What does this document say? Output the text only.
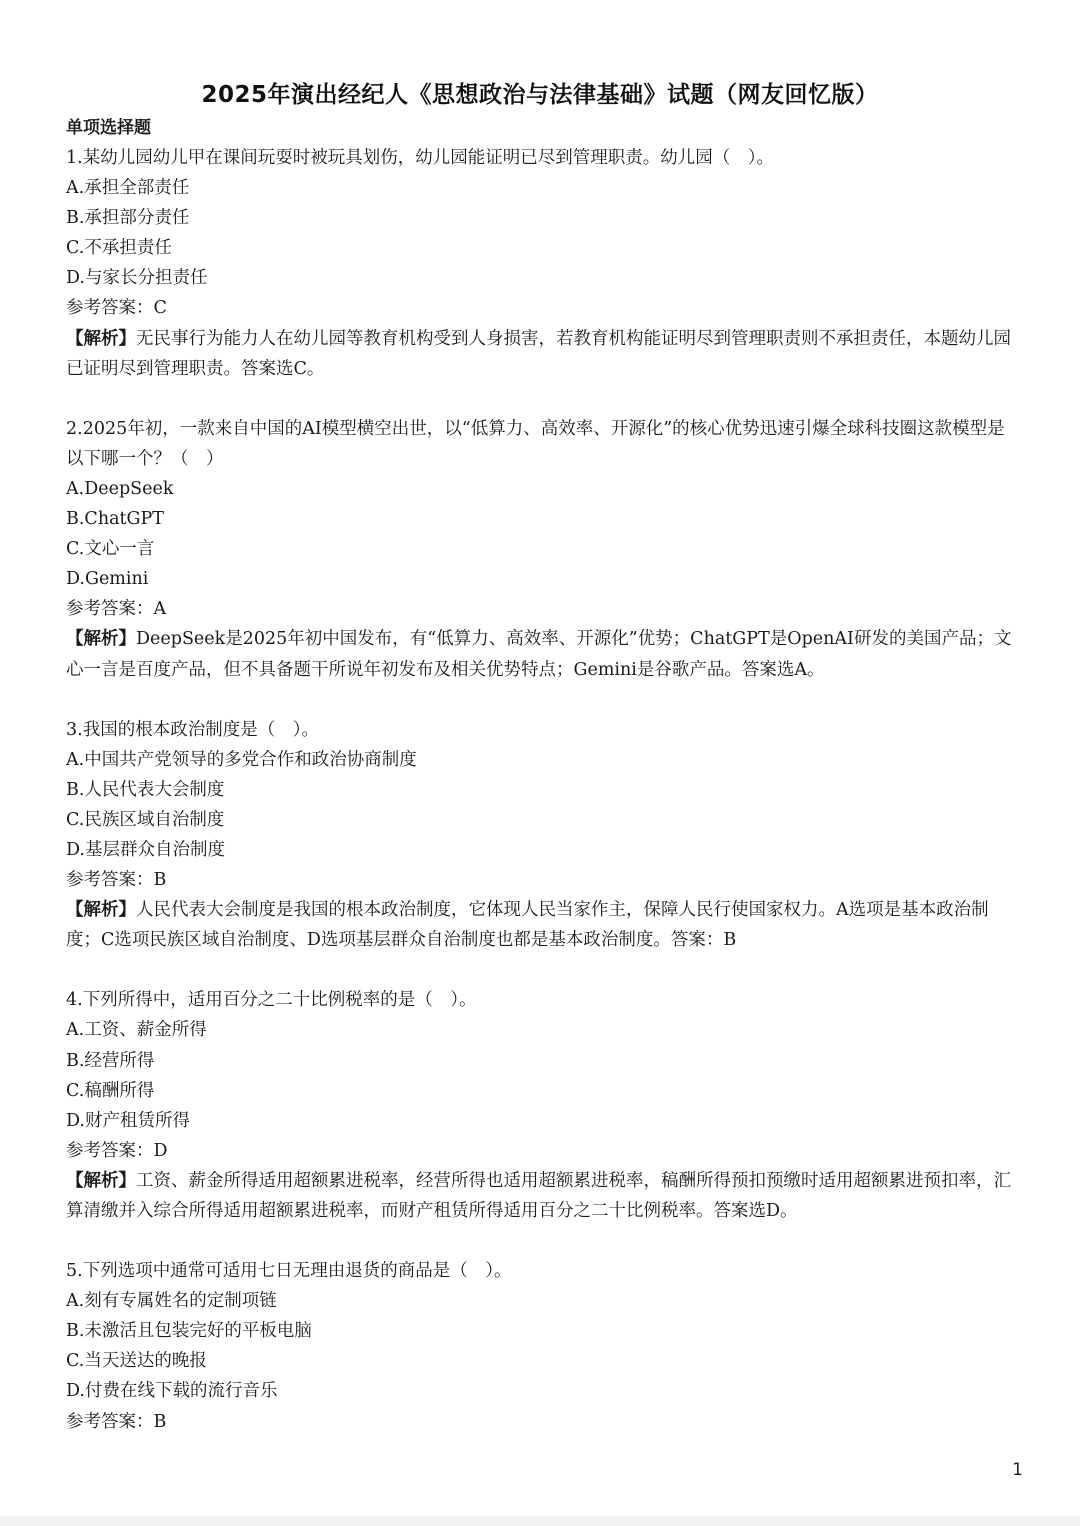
2025年演出经纪人《思想政治与法律基础》试题（网友回忆版）
单项选择题
1.某幼儿园幼儿甲在课间玩耍时被玩具划伤，幼儿园能证明已尽到管理职责。幼儿园（　）。
A.承担全部责任
B.承担部分责任
C.不承担责任
D.与家长分担责任
参考答案：C
【解析】无民事行为能力人在幼儿园等教育机构受到人身损害，若教育机构能证明尽到管理职责则不承担责任，本题幼儿园已证明尽到管理职责。答案选C。
2.2025年初，一款来自中国的AI模型横空出世，以“低算力、高效率、开源化”的核心优势迅速引爆全球科技圈这款模型是以下哪一个？（　）
A.DeepSeek
B.ChatGPT
C.文心一言
D.Gemini
参考答案：A
【解析】DeepSeek是2025年初中国发布，有“低算力、高效率、开源化”优势；ChatGPT是OpenAI研发的美国产品；文心一言是百度产品，但不具备题干所说年初发布及相关优势特点；Gemini是谷歌产品。答案选A。
3.我国的根本政治制度是（　）。
A.中国共产党领导的多党合作和政治协商制度
B.人民代表大会制度
C.民族区域自治制度
D.基层群众自治制度
参考答案：B
【解析】人民代表大会制度是我国的根本政治制度，它体现人民当家作主，保障人民行使国家权力。A选项是基本政治制度；C选项民族区域自治制度、D选项基层群众自治制度也都是基本政治制度。答案：B
4.下列所得中，适用百分之二十比例税率的是（　）。
A.工资、薪金所得
B.经营所得
C.稿酬所得
D.财产租赁所得
参考答案：D
【解析】工资、薪金所得适用超额累进税率，经营所得也适用超额累进税率，稿酬所得预扣预缴时适用超额累进预扣率，汇算清缴并入综合所得适用超额累进税率，而财产租赁所得适用百分之二十比例税率。答案选D。
5.下列选项中通常可适用七日无理由退货的商品是（　）。
A.刻有专属姓名的定制项链
B.未激活且包装完好的平板电脑
C.当天送达的晚报
D.付费在线下载的流行音乐
参考答案：B
1
